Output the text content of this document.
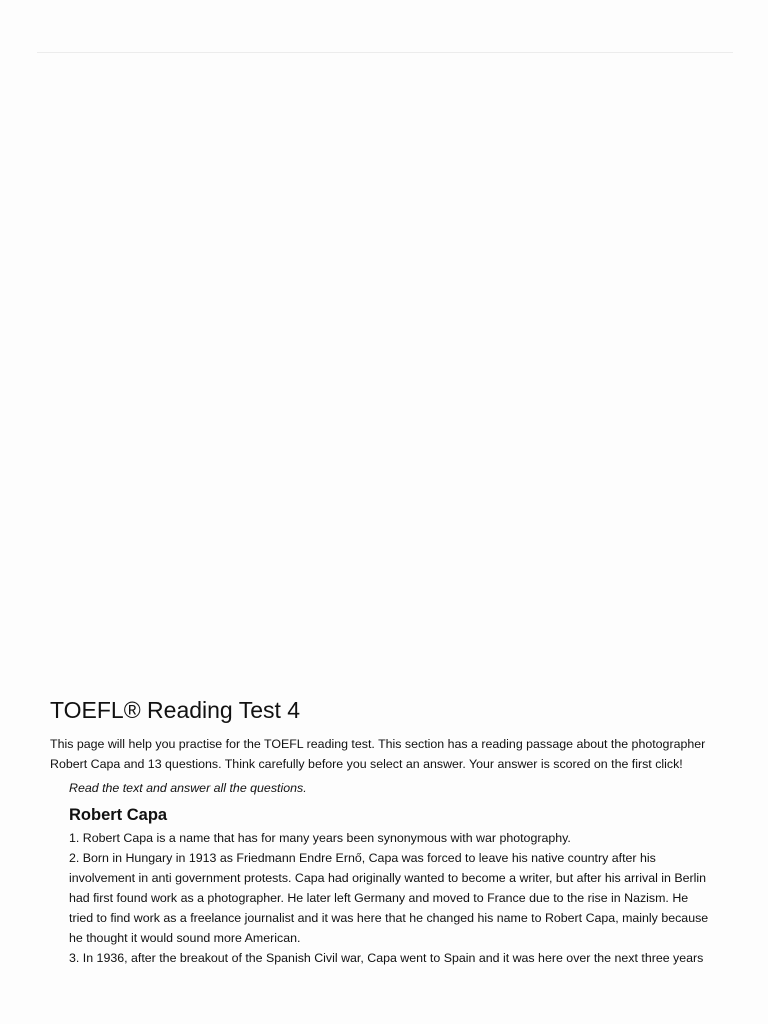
TOEFL® Reading Test 4

This page will help you practise for the TOEFL reading test. This section has a reading passage about the photographer Robert Capa and 13 questions. Think carefully before you select an answer. Your answer is scored on the first click!

Read the text and answer all the questions.

Robert Capa

1. Robert Capa is a name that has for many years been synonymous with war photography.

2. Born in Hungary in 1913 as Friedmann Endre Ernő, Capa was forced to leave his native country after his involvement in anti government protests. Capa had originally wanted to become a writer, but after his arrival in Berlin had first found work as a photographer. He later left Germany and moved to France due to the rise in Nazism. He tried to find work as a freelance journalist and it was here that he changed his name to Robert Capa, mainly because he thought it would sound more American.

3. In 1936, after the breakout of the Spanish Civil war, Capa went to Spain and it was here over the next three years
